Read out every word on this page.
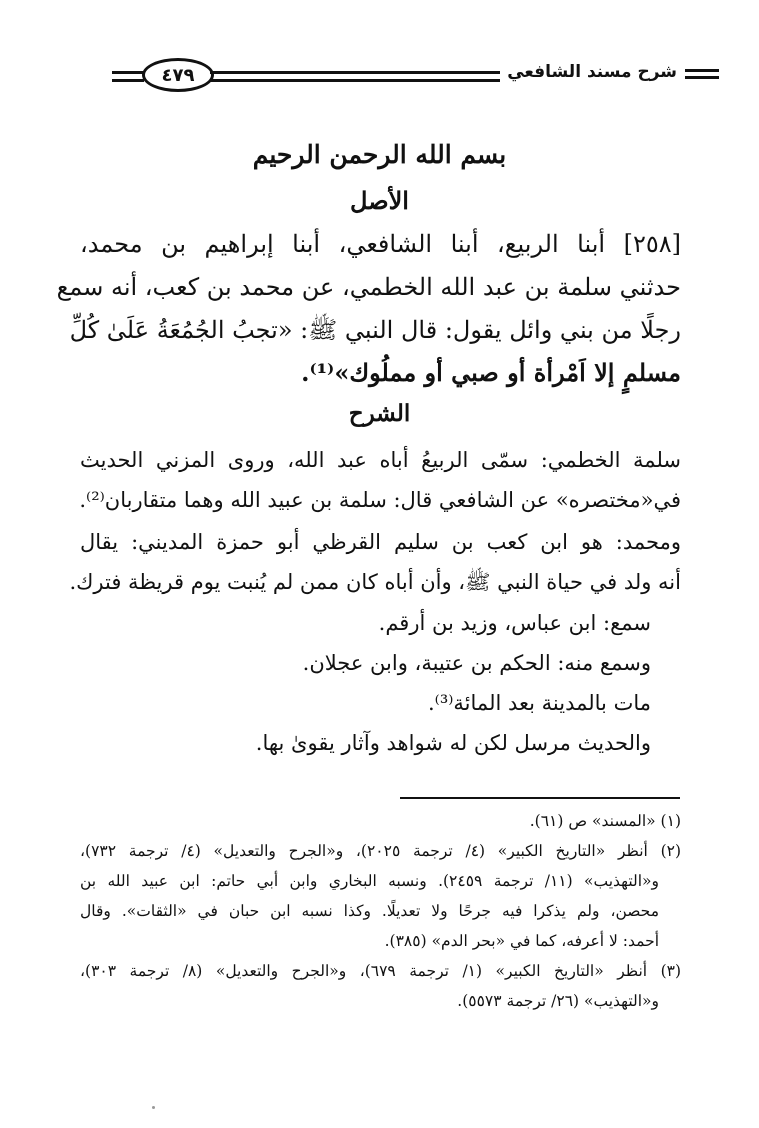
شرح مسند الشافعي
٤٧٩
بسم الله الرحمن الرحيم
الأصل
[٢٥٨] أبنا الربيع، أبنا الشافعي، أبنا إبراهيم بن محمد،
حدثني سلمة بن عبد الله الخطمي، عن محمد بن كعب، أنه سمع
رجلًا من بني وائل يقول: قال النبي ﷺ: «تجبُ الجُمُعَةُ عَلَىٰ كُلِّ
مسلمٍ إلا اَمْرأة أو صبي أو مملُوك»⁽¹⁾.
الشرح
سلمة الخطمي: سمّى الربيعُ أباه عبد الله، وروى المزني الحديث
في«مختصره» عن الشافعي قال: سلمة بن عبيد الله وهما متقاربان⁽²⁾.
ومحمد: هو ابن كعب بن سليم القرظي أبو حمزة المديني: يقال
أنه ولد في حياة النبي ﷺ، وأن أباه كان ممن لم يُنبت يوم قريظة فترك.
سمع: ابن عباس، وزيد بن أرقم.
وسمع منه: الحكم بن عتيبة، وابن عجلان.
مات بالمدينة بعد المائة⁽³⁾.
والحديث مرسل لكن له شواهد وآثار يقوىٰ بها.
(١) «المسند» ص (٦١).
(٢) أنظر «التاريخ الكبير» (٤/ ترجمة ٢٠٢٥)، و«الجرح والتعديل» (٤/ ترجمة ٧٣٢)،
و«التهذيب» (١١/ ترجمة ٢٤٥٩). ونسبه البخاري وابن أبي حاتم: ابن عبيد الله بن
محصن، ولم يذكرا فيه جرحًا ولا تعديلًا. وكذا نسبه ابن حبان في «الثقات». وقال
أحمد: لا أعرفه، كما في «بحر الدم» (٣٨٥).
(٣) أنظر «التاريخ الكبير» (١/ ترجمة ٦٧٩)، و«الجرح والتعديل» (٨/ ترجمة ٣٠٣)،
و«التهذيب» (٢٦/ ترجمة ٥٥٧٣).
